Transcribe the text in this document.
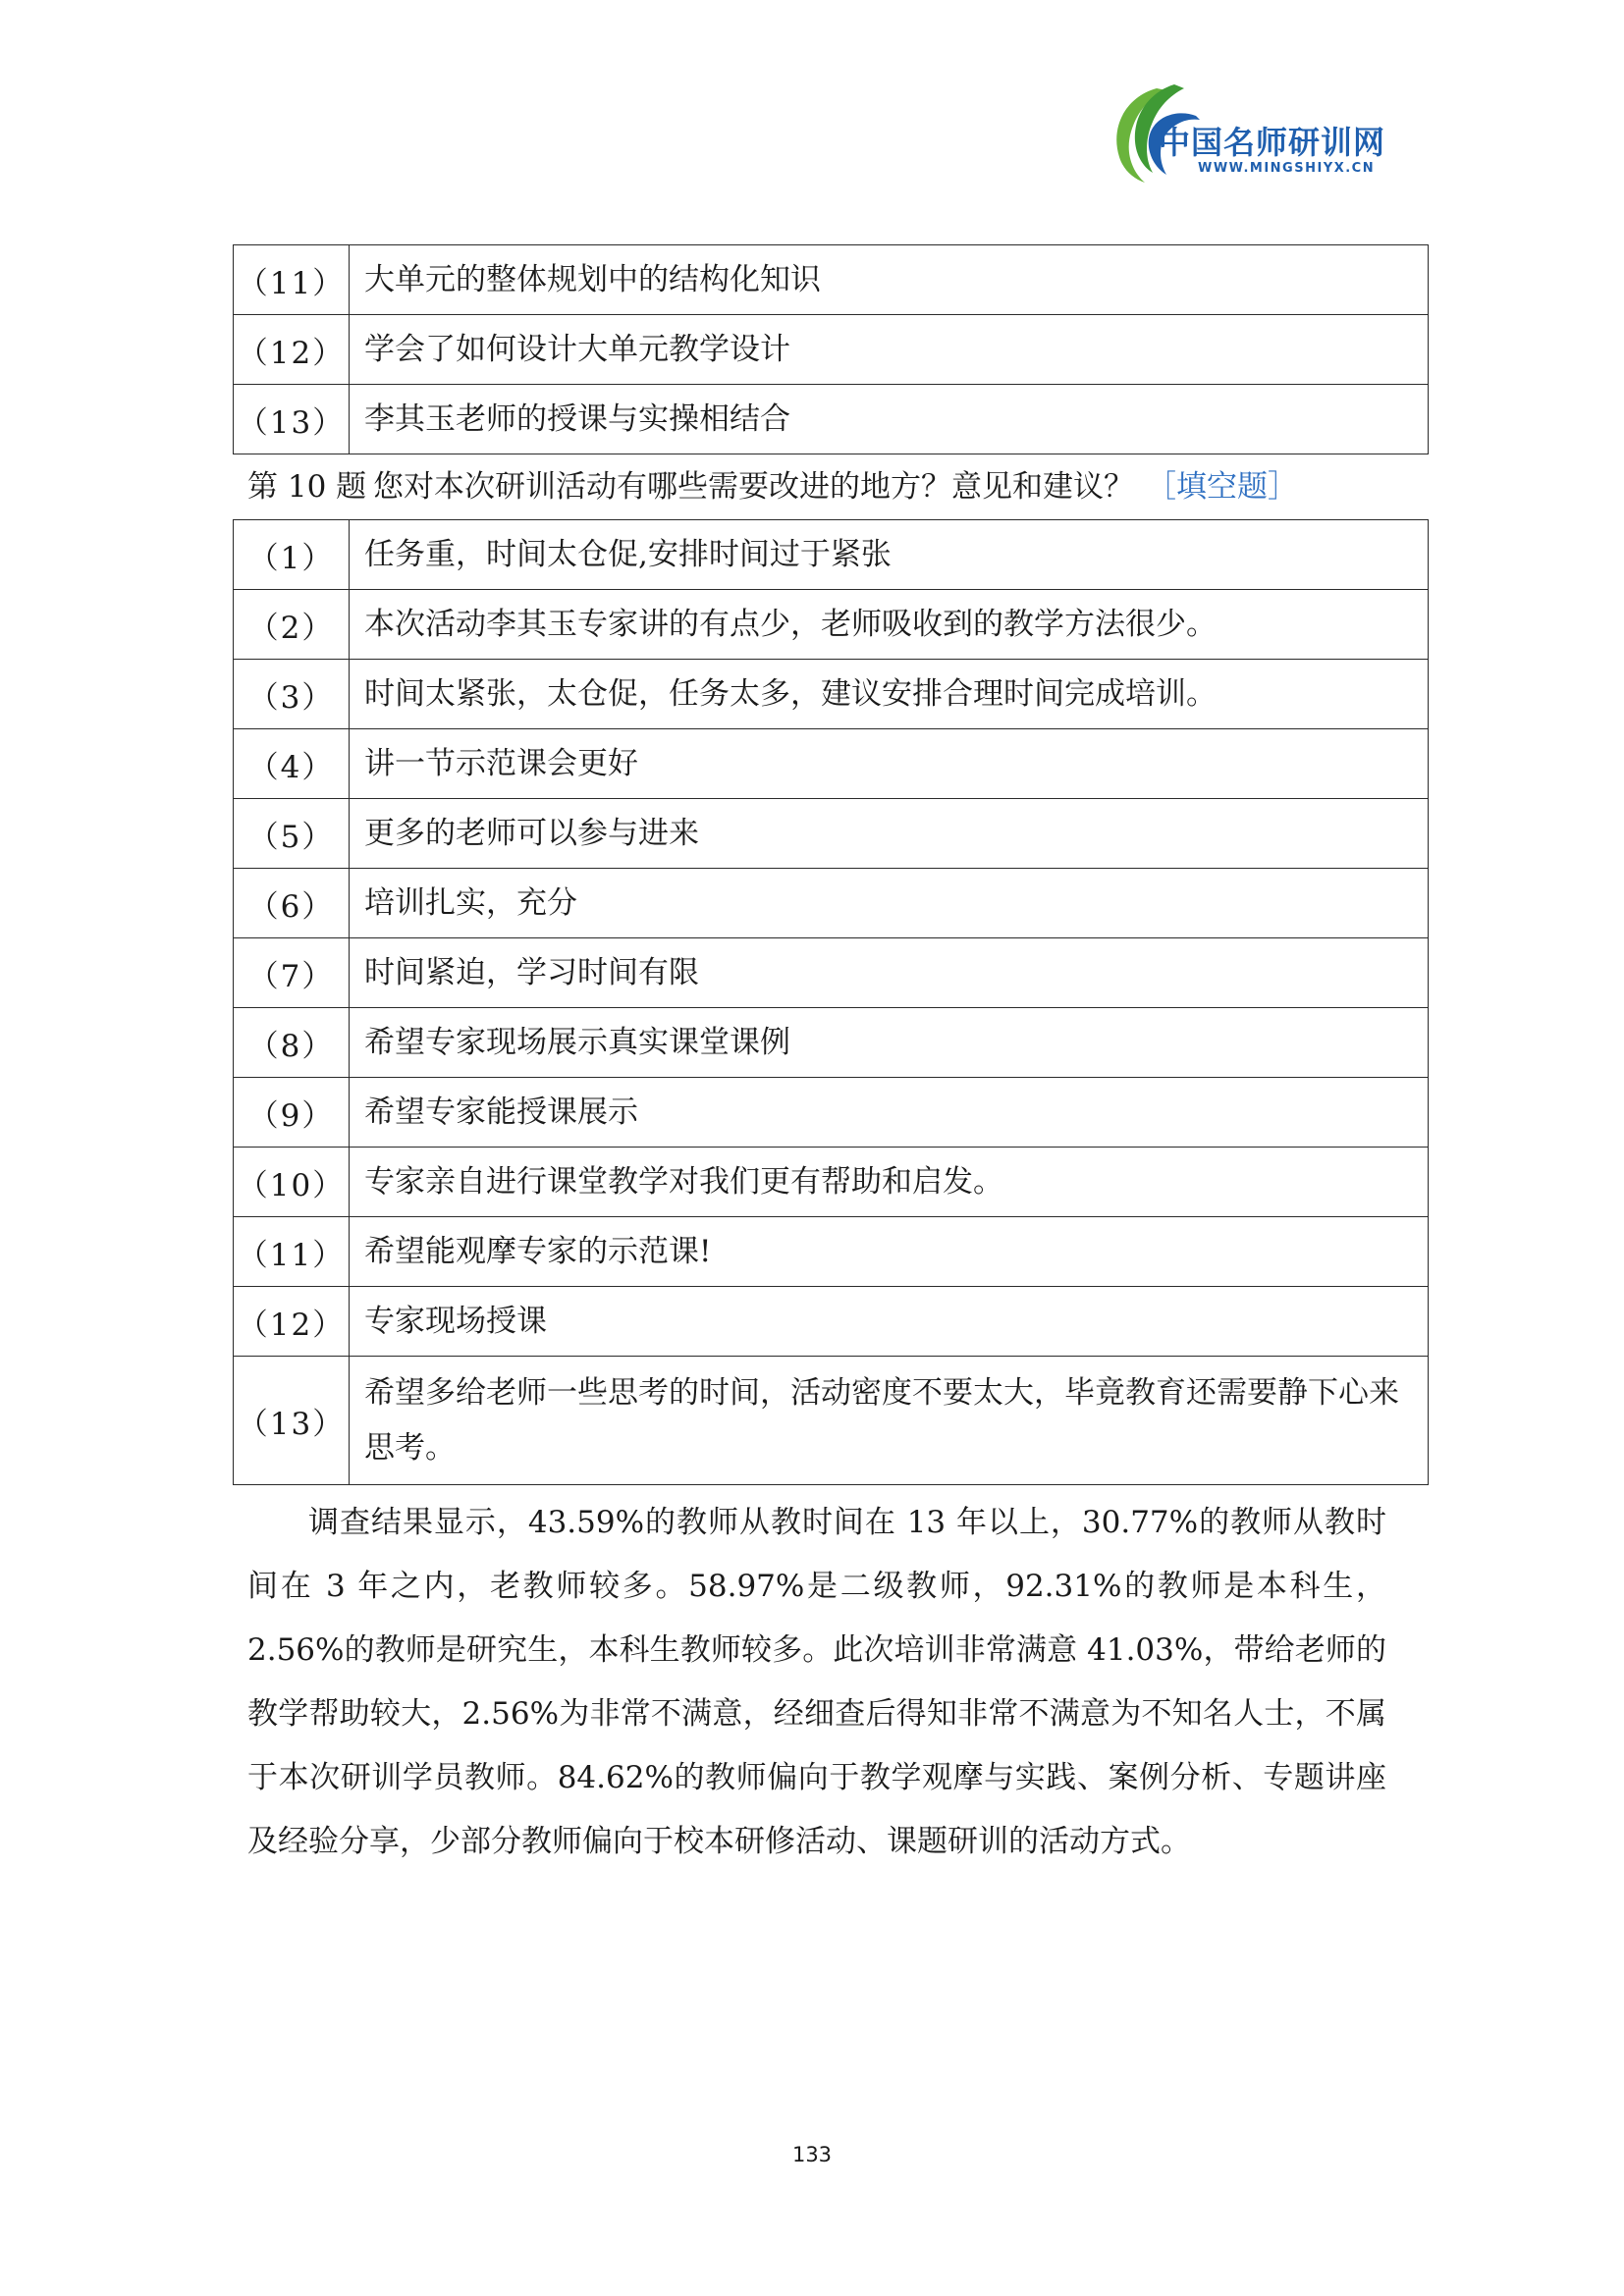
中国名师研训网
WWW.MINGSHIYX.CN
（11）	大单元的整体规划中的结构化知识
（12）	学会了如何设计大单元教学设计
（13）	李其玉老师的授课与实操相结合
第 10 题 您对本次研训活动有哪些需要改进的地方？意见和建议？ ［填空题］
（1）	任务重，时间太仓促,安排时间过于紧张
（2）	本次活动李其玉专家讲的有点少，老师吸收到的教学方法很少。
（3）	时间太紧张，太仓促，任务太多，建议安排合理时间完成培训。
（4）	讲一节示范课会更好
（5）	更多的老师可以参与进来
（6）	培训扎实，充分
（7）	时间紧迫，学习时间有限
（8）	希望专家现场展示真实课堂课例
（9）	希望专家能授课展示
（10）	专家亲自进行课堂教学对我们更有帮助和启发。
（11）	希望能观摩专家的示范课!
（12）	专家现场授课
（13）	希望多给老师一些思考的时间，活动密度不要太大，毕竟教育还需要静下心来思考。

调查结果显示，43.59%的教师从教时间在 13 年以上，30.77%的教师从教时间在 3 年之内，老教师较多。58.97%是二级教师，92.31%的教师是本科生，2.56%的教师是研究生，本科生教师较多。此次培训非常满意 41.03%，带给老师的教学帮助较大，2.56%为非常不满意，经细查后得知非常不满意为不知名人士，不属于本次研训学员教师。84.62%的教师偏向于教学观摩与实践、案例分析、专题讲座及经验分享，少部分教师偏向于校本研修活动、课题研训的活动方式。

133
